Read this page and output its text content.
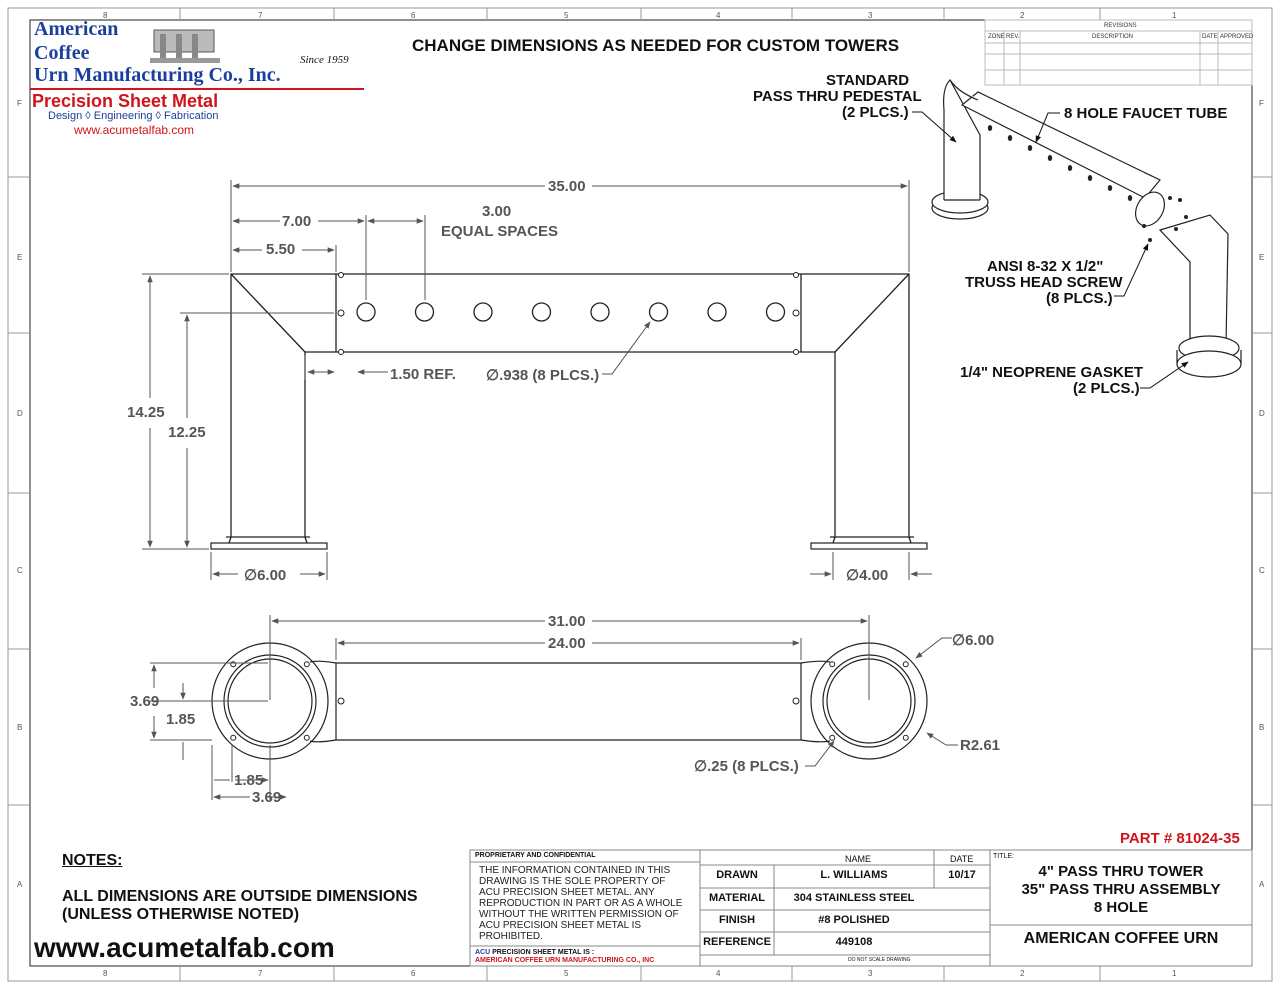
American
Coffee
Urn Manufacturing Co., Inc.
Since 1959
Precision Sheet Metal
Design ◊ Engineering ◊ Fabrication
www.acumetalfab.com
CHANGE DIMENSIONS AS NEEDED FOR CUSTOM TOWERS
8
8
7
7
6
6
5
5
4
4
3
3
2
2
1
1
F	F
E	E
D	D
C	C
B	B
A	A
REVISIONS
ZONE REV.	DESCRIPTION	DATE APPROVED
STANDARD
PASS THRU PEDESTAL
(2 PLCS.)	8 HOLE FAUCET TUBE
ANSI 8-32 X 1/2"
TRUSS HEAD SCREW
(8 PLCS.)
1/4" NEOPRENE GASKET
(2 PLCS.)
35.00
7.00
3.00
EQUAL SPACES
5.50
1.50 REF. ∅.938 (8 PLCS.)
14.25
12.25
∅6.00	∅4.00
31.00
24.00	∅6.00
3.69
1.85
1.85
3.69
∅.25 (8 PLCS.)
R2.61
NOTES:
ALL DIMENSIONS ARE OUTSIDE DIMENSIONS
(UNLESS OTHERWISE NOTED)
www.acumetalfab.com
PART # 81024-35
PROPRIETARY AND CONFIDENTIAL
THE INFORMATION CONTAINED IN THIS
DRAWING IS THE SOLE PROPERTY OF
ACU PRECISION SHEET METAL. ANY
REPRODUCTION IN PART OR AS A WHOLE
WITHOUT THE WRITTEN PERMISSION OF
ACU PRECISION SHEET METAL IS
PROHIBITED.
ACU PRECISION SHEET METAL IS :
AMERICAN COFFEE URN MANUFACTURING CO., INC
NAME	DATE
DRAWN	L. WILLIAMS	10/17
MATERIAL	304 STAINLESS STEEL
FINISH	#8 POLISHED
REFERENCE	449108
DO NOT SCALE DRAWING
TITLE:
4" PASS THRU TOWER
35" PASS THRU ASSEMBLY
8 HOLE
AMERICAN COFFEE URN
